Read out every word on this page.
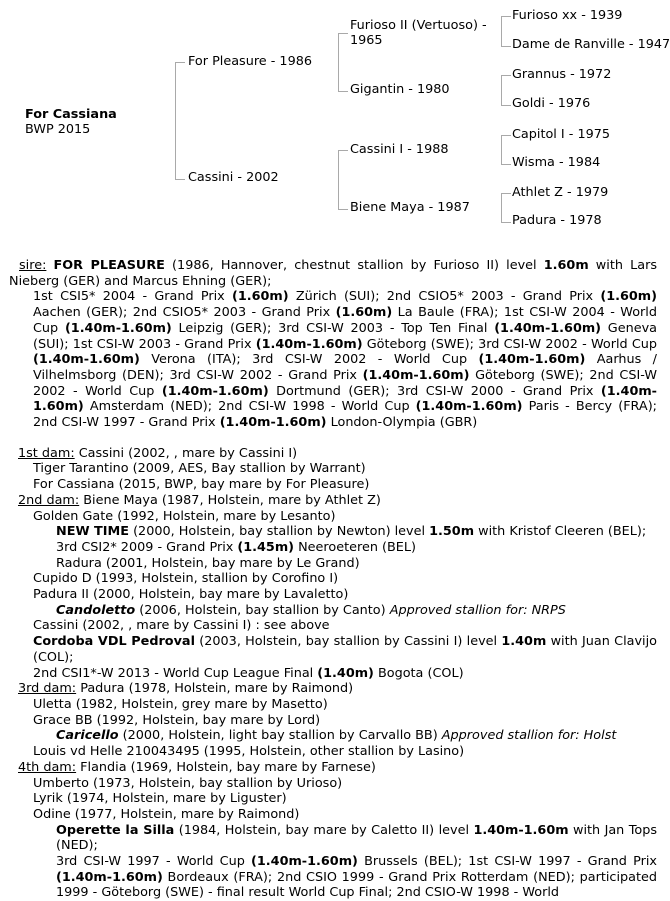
For Cassiana
BWP 2015
For Pleasure - 1986
Cassini - 2002
Furioso II (Vertuoso) - 1965
Gigantin - 1980
Cassini I - 1988
Biene Maya - 1987
Furioso xx - 1939
Dame de Ranville - 1947
Grannus - 1972
Goldi - 1976
Capitol I - 1975
Wisma - 1984
Athlet Z - 1979
Padura - 1978

sire: FOR PLEASURE (1986, Hannover, chestnut stallion by Furioso II) level 1.60m with Lars Nieberg (GER) and Marcus Ehning (GER);

1st CSI5* 2004 - Grand Prix (1.60m) Zürich (SUI); 2nd CSIO5* 2003 - Grand Prix (1.60m) Aachen (GER); 2nd CSIO5* 2003 - Grand Prix (1.60m) La Baule (FRA); 1st CSI-W 2004 - World Cup (1.40m-1.60m) Leipzig (GER); 3rd CSI-W 2003 - Top Ten Final (1.40m-1.60m) Geneva (SUI); 1st CSI-W 2003 - Grand Prix (1.40m-1.60m) Göteborg (SWE); 3rd CSI-W 2002 - World Cup (1.40m-1.60m) Verona (ITA); 3rd CSI-W 2002 - World Cup (1.40m-1.60m) Aarhus / Vilhelmsborg (DEN); 3rd CSI-W 2002 - Grand Prix (1.40m-1.60m) Göteborg (SWE); 2nd CSI-W 2002 - World Cup (1.40m-1.60m) Dortmund (GER); 3rd CSI-W 2000 - Grand Prix (1.40m-1.60m) Amsterdam (NED); 2nd CSI-W 1998 - World Cup (1.40m-1.60m) Paris - Bercy (FRA); 2nd CSI-W 1997 - Grand Prix (1.40m-1.60m) London-Olympia (GBR)

1st dam: Cassini (2002, , mare by Cassini I)

Tiger Tarantino (2009, AES, Bay stallion by Warrant)

For Cassiana (2015, BWP, bay mare by For Pleasure)

2nd dam: Biene Maya (1987, Holstein, mare by Athlet Z)

Golden Gate (1992, Holstein, mare by Lesanto)

NEW TIME (2000, Holstein, bay stallion by Newton) level 1.50m with Kristof Cleeren (BEL);

3rd CSI2* 2009 - Grand Prix (1.45m) Neeroeteren (BEL)

Radura (2001, Holstein, bay mare by Le Grand)

Cupido D (1993, Holstein, stallion by Corofino I)

Padura II (2000, Holstein, bay mare by Lavaletto)

Candoletto (2006, Holstein, bay stallion by Canto) Approved stallion for: NRPS

Cassini (2002, , mare by Cassini I) : see above

Cordoba VDL Pedroval (2003, Holstein, bay stallion by Cassini I) level 1.40m with Juan Clavijo (COL);

2nd CSI1*-W 2013 - World Cup League Final (1.40m) Bogota (COL)

3rd dam: Padura (1978, Holstein, mare by Raimond)

Uletta (1982, Holstein, grey mare by Masetto)

Grace BB (1992, Holstein, bay mare by Lord)

Caricello (2000, Holstein, light bay stallion by Carvallo BB) Approved stallion for: Holst

Louis vd Helle 210043495 (1995, Holstein, other stallion by Lasino)

4th dam: Flandia (1969, Holstein, bay mare by Farnese)

Umberto (1973, Holstein, bay stallion by Urioso)

Lyrik (1974, Holstein, mare by Liguster)

Odine (1977, Holstein, mare by Raimond)

Operette la Silla (1984, Holstein, bay mare by Caletto II) level 1.40m-1.60m with Jan Tops (NED);

3rd CSI-W 1997 - World Cup (1.40m-1.60m) Brussels (BEL); 1st CSI-W 1997 - Grand Prix (1.40m-1.60m) Bordeaux (FRA); 2nd CSIO 1999 - Grand Prix Rotterdam (NED); participated 1999 - Göteborg (SWE) - final result World Cup Final; 2nd CSIO-W 1998 - World
